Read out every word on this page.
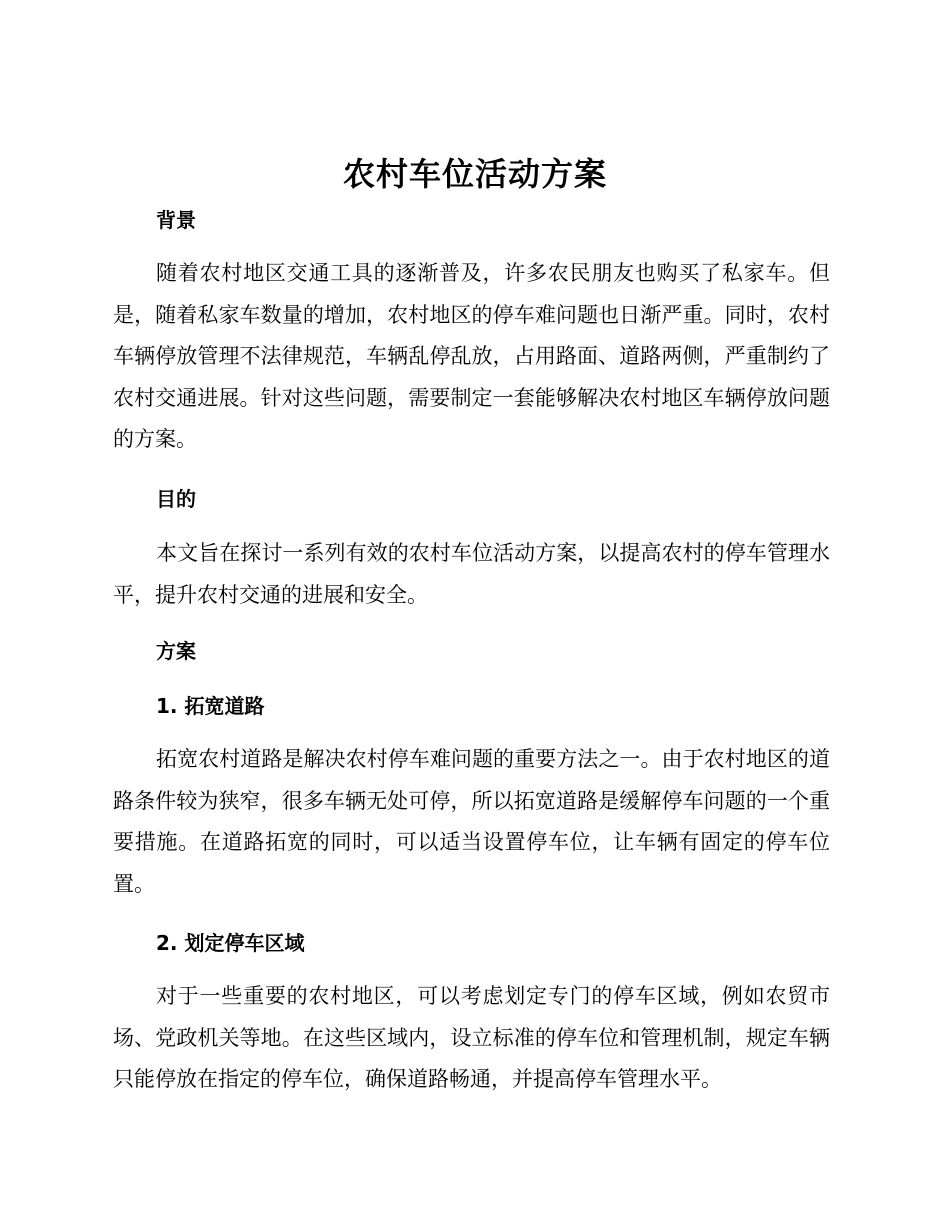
农村车位活动方案
背景
随着农村地区交通工具的逐渐普及，许多农民朋友也购买了私家车。但是，随着私家车数量的增加，农村地区的停车难问题也日渐严重。同时，农村车辆停放管理不法律规范，车辆乱停乱放，占用路面、道路两侧，严重制约了农村交通进展。针对这些问题，需要制定一套能够解决农村地区车辆停放问题的方案。
目的
本文旨在探讨一系列有效的农村车位活动方案，以提高农村的停车管理水平，提升农村交通的进展和安全。
方案
1. 拓宽道路
拓宽农村道路是解决农村停车难问题的重要方法之一。由于农村地区的道路条件较为狭窄，很多车辆无处可停，所以拓宽道路是缓解停车问题的一个重要措施。在道路拓宽的同时，可以适当设置停车位，让车辆有固定的停车位置。
2. 划定停车区域
对于一些重要的农村地区，可以考虑划定专门的停车区域，例如农贸市场、党政机关等地。在这些区域内，设立标准的停车位和管理机制，规定车辆只能停放在指定的停车位，确保道路畅通，并提高停车管理水平。
